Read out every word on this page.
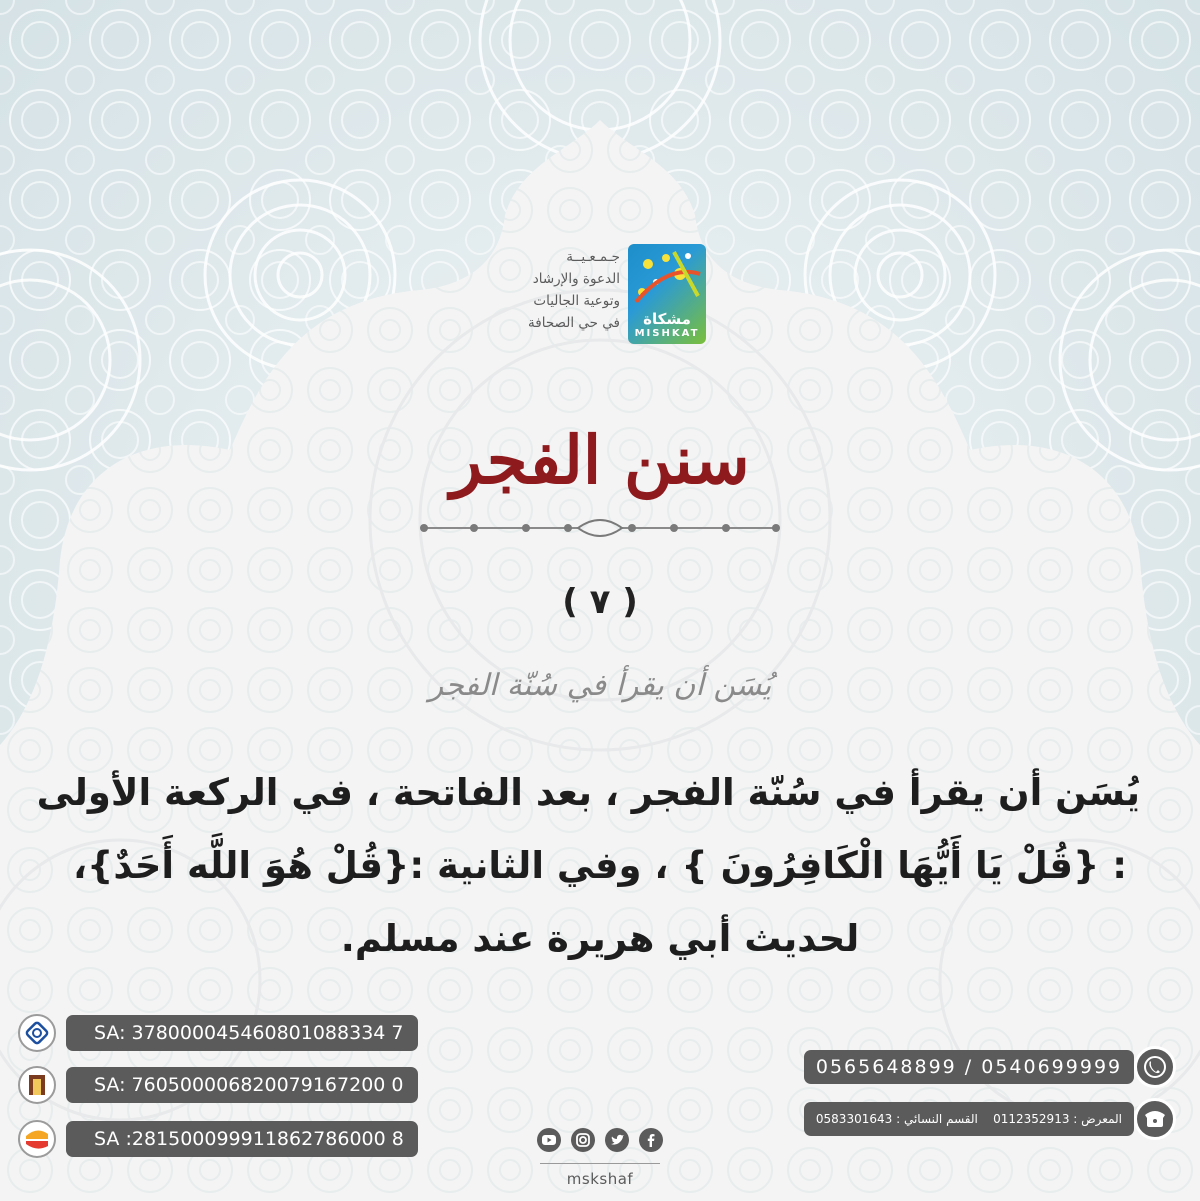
مشكاة
MISHKAT
جـمـعـيــة
الدعوة والإرشاد
وتوعية الجاليات
في حي الصحافة
سنن الفجر
( ٧ )
يُسَن أن يقرأ في سُنّة الفجر
يُسَن أن يقرأ في سُنّة الفجر ، بعد الفاتحة ، في الركعة الأولى
: {قُلْ يَا أَيُّهَا الْكَافِرُونَ } ، وفي الثانية :{قُلْ هُوَ اللَّه أَحَدٌ}،
لحديث أبي هريرة عند مسلم.
SA: 378000045460801088334 7
SA: 760500006820079167200 0
SA :281500099911862786000 8
0565648899 / 0540699999
المعرض : 0112352913    القسم النسائي : 0583301643
mskshaf
